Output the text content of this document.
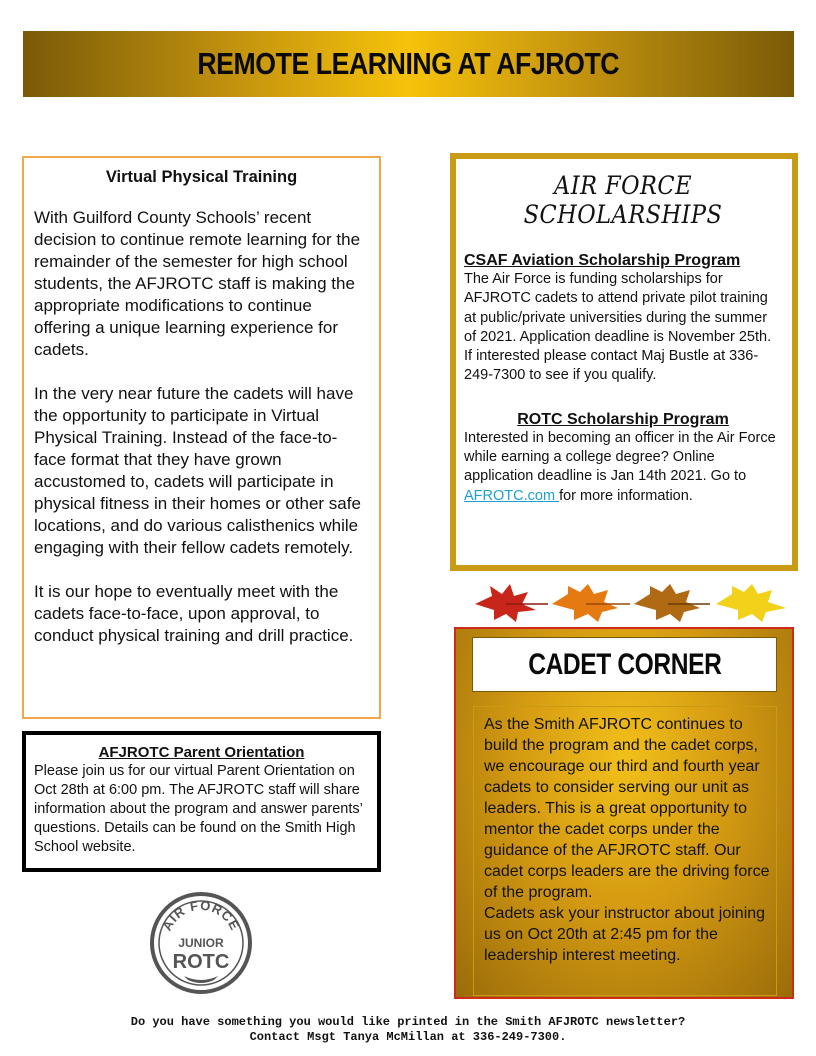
REMOTE LEARNING AT AFJROTC
Virtual Physical Training

With Guilford County Schools’ recent decision to continue remote learning for the remainder of the semester for high school students, the AFJROTC staff is making the appropriate modifications to continue offering a unique learning experience for cadets.

In the very near future the cadets will have the opportunity to participate in Virtual Physical Training. Instead of the face-to-face format that they have grown accustomed to, cadets will participate in physical fitness in their homes or other safe locations, and do various calisthenics while engaging with their fellow cadets remotely.

It is our hope to eventually meet with the cadets face-to-face, upon approval, to conduct physical training and drill practice.

AFJROTC Parent Orientation

Please join us for our virtual Parent Orientation on Oct 28th at 6:00 pm. The AFJROTC staff will share information about the program and answer parents’ questions. Details can be found on the Smith High School website.

AIR FORCE
JUNIOR
ROTC
AIR FORCE SCHOLARSHIPS
CSAF Aviation Scholarship Program

The Air Force is funding scholarships for AFJROTC cadets to attend private pilot training at public/private universities during the summer of 2021. Application deadline is November 25th. If interested please contact Maj Bustle at 336-249-7300 to see if you qualify.

ROTC Scholarship Program

Interested in becoming an officer in the Air Force while earning a college degree? Online application deadline is Jan 14th 2021. Go to AFROTC.com for more information.

CADET CORNER

As the Smith AFJROTC continues to build the program and the cadet corps, we encourage our third and fourth year cadets to consider serving our unit as leaders. This is a great opportunity to mentor the cadet corps under the guidance of the AFJROTC staff. Our cadet corps leaders are the driving force of the program.

Cadets ask your instructor about joining us on Oct 20th at 2:45 pm for the leadership interest meeting.

Do you have something you would like printed in the Smith AFJROTC newsletter?
Contact Msgt Tanya McMillan at 336-249-7300.
